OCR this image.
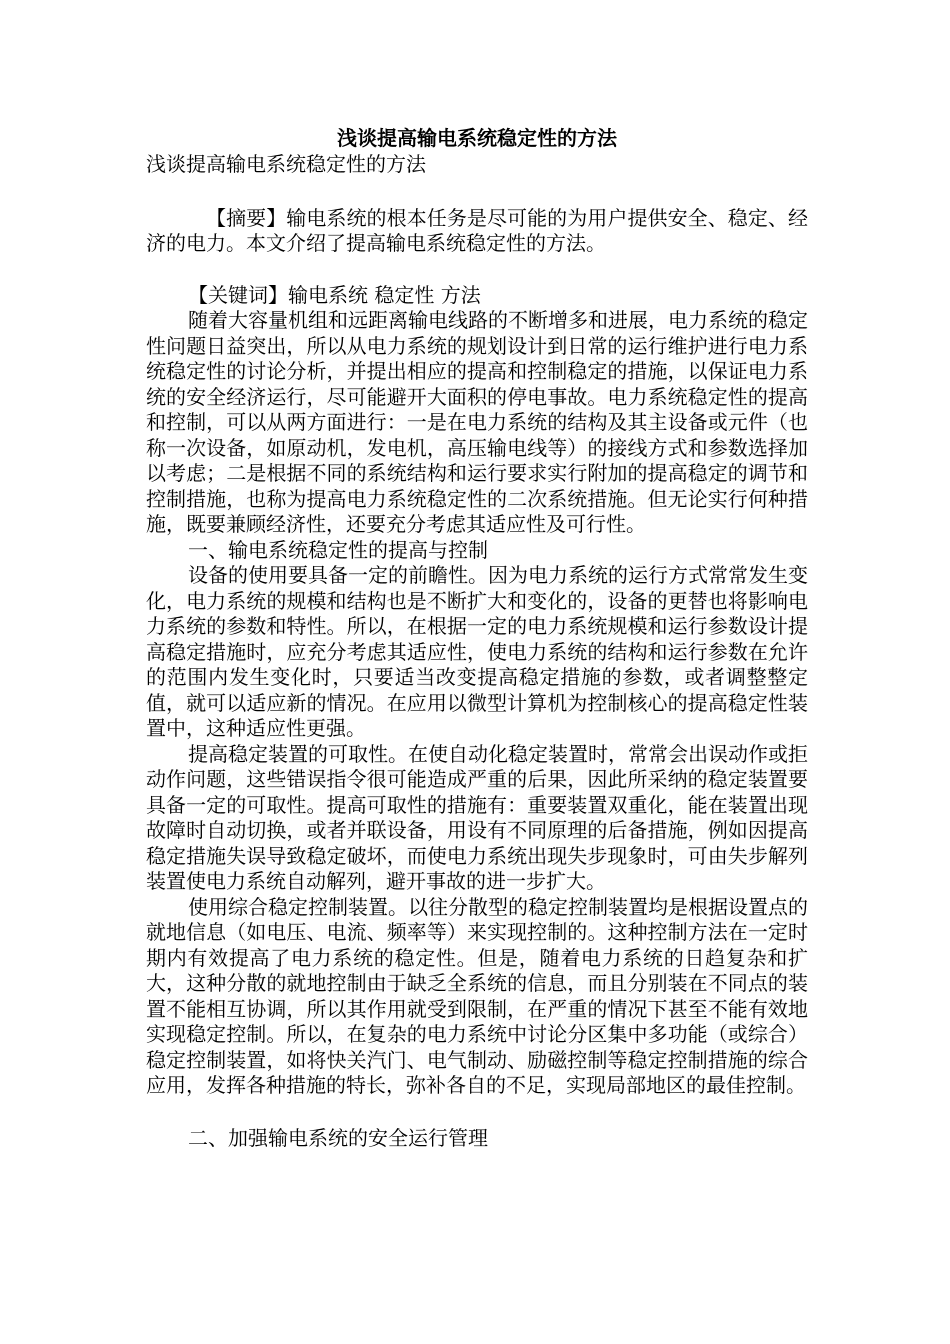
浅谈提高输电系统稳定性的方法

浅谈提高输电系统稳定性的方法

【摘要】输电系统的根本任务是尽可能的为用户提供安全、稳定、经济的电力。本文介绍了提高输电系统稳定性的方法。

【关键词】输电系统 稳定性 方法

随着大容量机组和远距离输电线路的不断增多和进展，电力系统的稳定性问题日益突出，所以从电力系统的规划设计到日常的运行维护进行电力系统稳定性的讨论分析，并提出相应的提高和控制稳定的措施，以保证电力系统的安全经济运行，尽可能避开大面积的停电事故。电力系统稳定性的提高和控制，可以从两方面进行：一是在电力系统的结构及其主设备或元件（也称一次设备，如原动机，发电机，高压输电线等）的接线方式和参数选择加以考虑；二是根据不同的系统结构和运行要求实行附加的提高稳定的调节和控制措施，也称为提高电力系统稳定性的二次系统措施。但无论实行何种措施，既要兼顾经济性，还要充分考虑其适应性及可行性。

一、输电系统稳定性的提高与控制

设备的使用要具备一定的前瞻性。因为电力系统的运行方式常常发生变化，电力系统的规模和结构也是不断扩大和变化的，设备的更替也将影响电力系统的参数和特性。所以，在根据一定的电力系统规模和运行参数设计提高稳定措施时，应充分考虑其适应性，使电力系统的结构和运行参数在允许的范围内发生变化时，只要适当改变提高稳定措施的参数，或者调整整定值，就可以适应新的情况。在应用以微型计算机为控制核心的提高稳定性装置中，这种适应性更强。

提高稳定装置的可取性。在使自动化稳定装置时，常常会出误动作或拒动作问题，这些错误指令很可能造成严重的后果，因此所采纳的稳定装置要具备一定的可取性。提高可取性的措施有：重要装置双重化，能在装置出现故障时自动切换，或者并联设备，用设有不同原理的后备措施，例如因提高稳定措施失误导致稳定破坏，而使电力系统出现失步现象时，可由失步解列装置使电力系统自动解列，避开事故的进一步扩大。

使用综合稳定控制装置。以往分散型的稳定控制装置均是根据设置点的就地信息（如电压、电流、频率等）来实现控制的。这种控制方法在一定时期内有效提高了电力系统的稳定性。但是，随着电力系统的日趋复杂和扩大，这种分散的就地控制由于缺乏全系统的信息，而且分别装在不同点的装置不能相互协调，所以其作用就受到限制，在严重的情况下甚至不能有效地实现稳定控制。所以，在复杂的电力系统中讨论分区集中多功能（或综合）稳定控制装置，如将快关汽门、电气制动、励磁控制等稳定控制措施的综合应用，发挥各种措施的特长，弥补各自的不足，实现局部地区的最佳控制。

二、加强输电系统的安全运行管理
